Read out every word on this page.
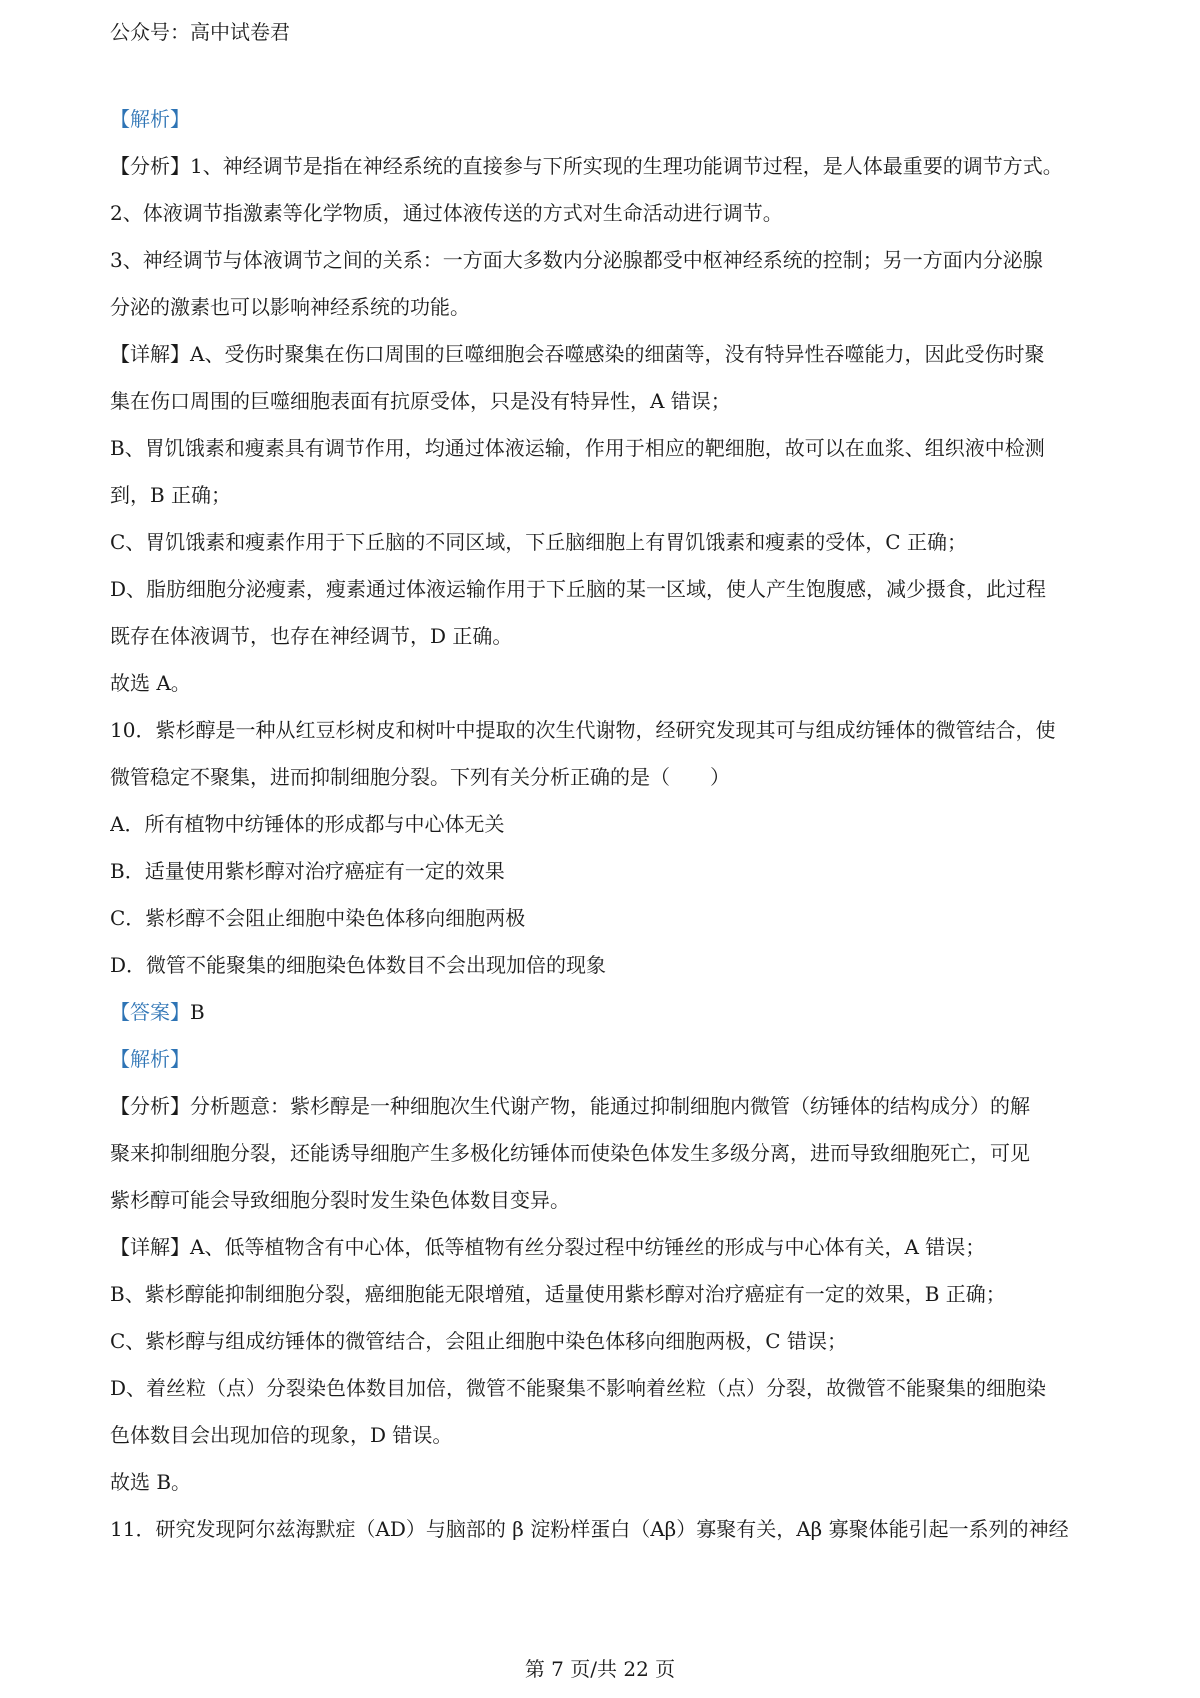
公众号：高中试卷君
【解析】
【分析】1、神经调节是指在神经系统的直接参与下所实现的生理功能调节过程，是人体最重要的调节方式。
2、体液调节指激素等化学物质，通过体液传送的方式对生命活动进行调节。
3、神经调节与体液调节之间的关系：一方面大多数内分泌腺都受中枢神经系统的控制；另一方面内分泌腺
分泌的激素也可以影响神经系统的功能。
【详解】A、受伤时聚集在伤口周围的巨噬细胞会吞噬感染的细菌等，没有特异性吞噬能力，因此受伤时聚
集在伤口周围的巨噬细胞表面有抗原受体，只是没有特异性，A 错误；
B、胃饥饿素和瘦素具有调节作用，均通过体液运输，作用于相应的靶细胞，故可以在血浆、组织液中检测
到，B 正确；
C、胃饥饿素和瘦素作用于下丘脑的不同区域，下丘脑细胞上有胃饥饿素和瘦素的受体，C 正确；
D、脂肪细胞分泌瘦素，瘦素通过体液运输作用于下丘脑的某一区域，使人产生饱腹感，减少摄食，此过程
既存在体液调节，也存在神经调节，D 正确。
故选 A。
10．紫杉醇是一种从红豆杉树皮和树叶中提取的次生代谢物，经研究发现其可与组成纺锤体的微管结合，使
微管稳定不聚集，进而抑制细胞分裂。下列有关分析正确的是（　　）
A．所有植物中纺锤体的形成都与中心体无关
B．适量使用紫杉醇对治疗癌症有一定的效果
C．紫杉醇不会阻止细胞中染色体移向细胞两极
D．微管不能聚集的细胞染色体数目不会出现加倍的现象
【答案】B
【解析】
【分析】分析题意：紫杉醇是一种细胞次生代谢产物，能通过抑制细胞内微管（纺锤体的结构成分）的解
聚来抑制细胞分裂，还能诱导细胞产生多极化纺锤体而使染色体发生多级分离，进而导致细胞死亡，可见
紫杉醇可能会导致细胞分裂时发生染色体数目变异。
【详解】A、低等植物含有中心体，低等植物有丝分裂过程中纺锤丝的形成与中心体有关，A 错误；
B、紫杉醇能抑制细胞分裂，癌细胞能无限增殖，适量使用紫杉醇对治疗癌症有一定的效果，B 正确；
C、紫杉醇与组成纺锤体的微管结合，会阻止细胞中染色体移向细胞两极，C 错误；
D、着丝粒（点）分裂染色体数目加倍，微管不能聚集不影响着丝粒（点）分裂，故微管不能聚集的细胞染
色体数目会出现加倍的现象，D 错误。
故选 B。
11．研究发现阿尔兹海默症（AD）与脑部的 β 淀粉样蛋白（Aβ）寡聚有关，Aβ 寡聚体能引起一系列的神经
第 7 页/共 22 页
